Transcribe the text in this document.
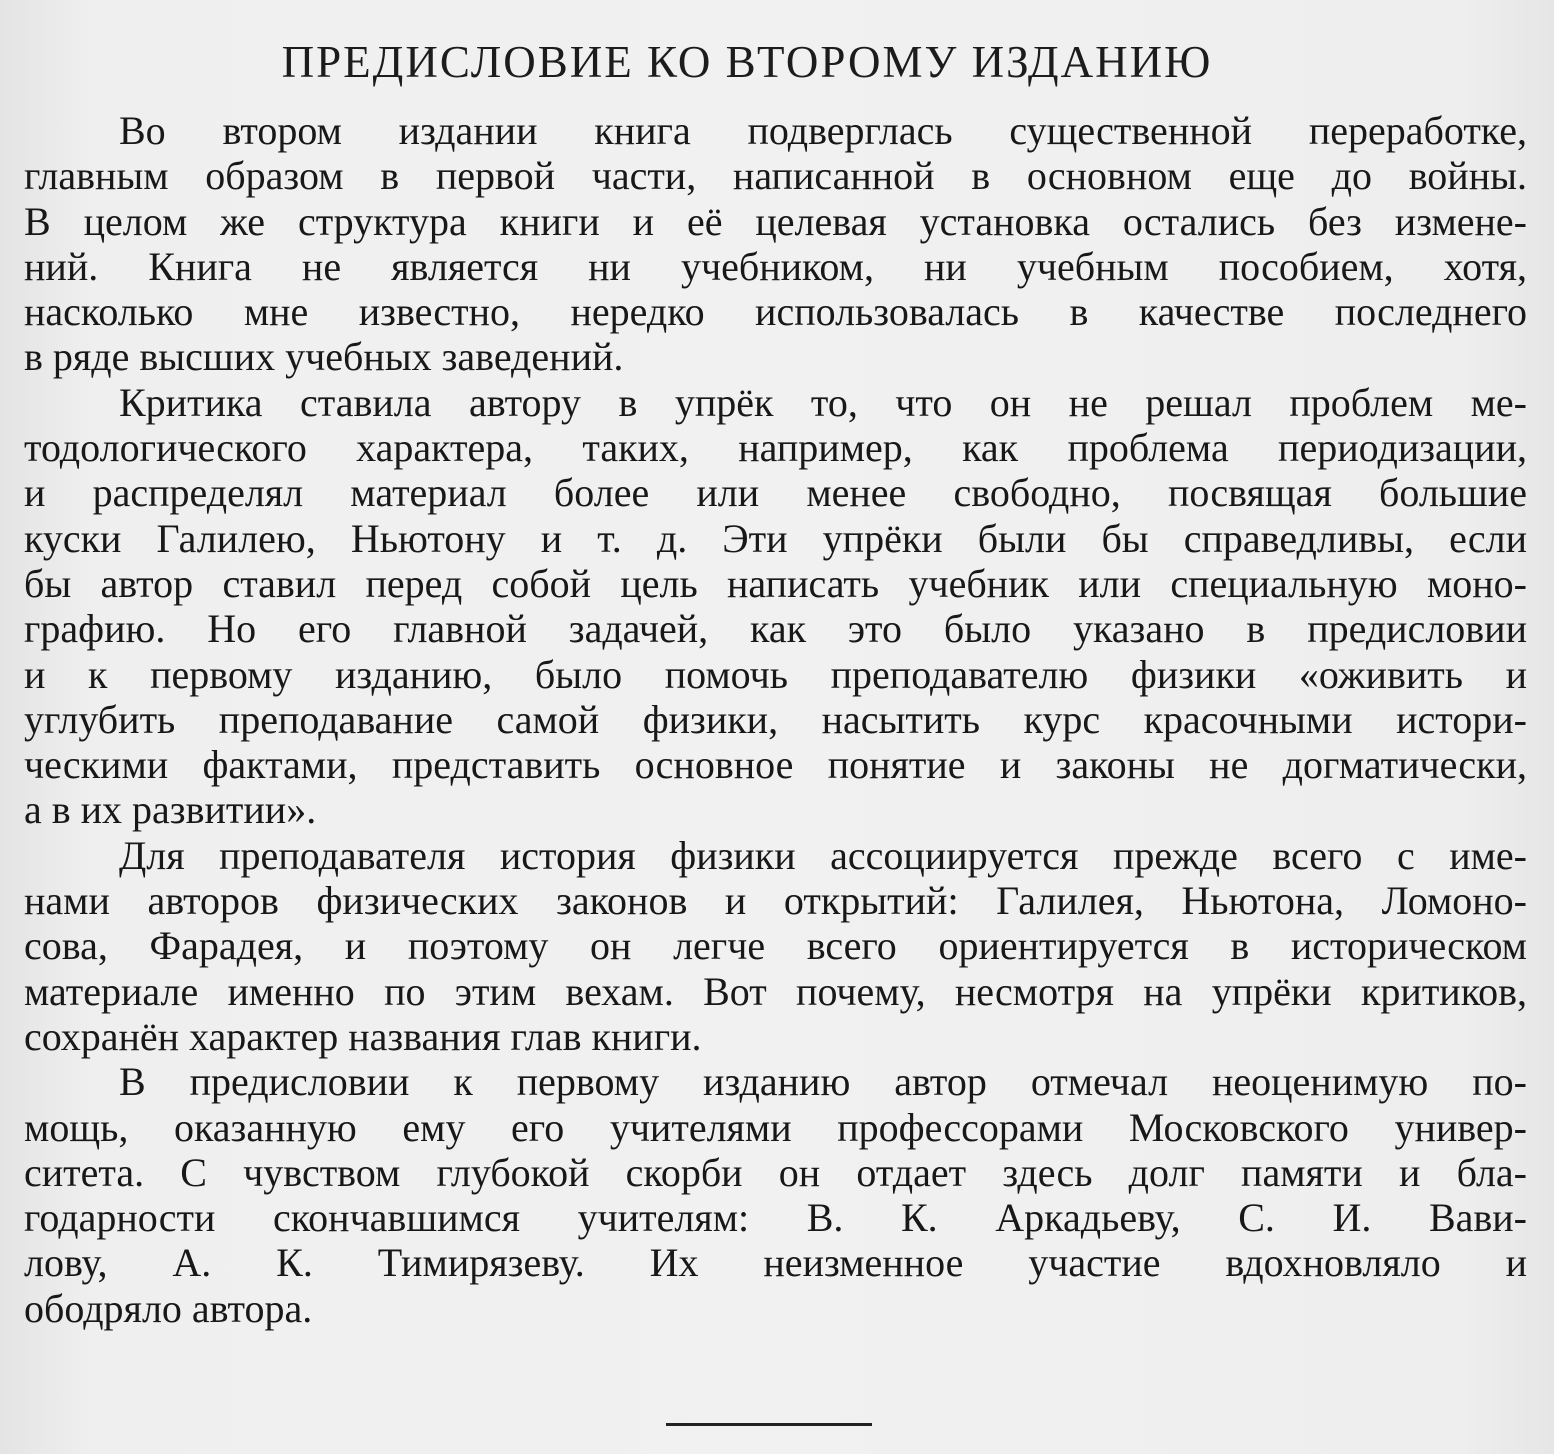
ПРЕДИСЛОВИЕ КО ВТОРОМУ ИЗДАНИЮ
Во втором издании книга подверглась существенной переработке,
главным образом в первой части, написанной в основном еще до войны.
В целом же структура книги и её целевая установка остались без измене-
ний. Книга не является ни учебником, ни учебным пособием, хотя,
насколько мне известно, нередко использовалась в качестве последнего
в ряде высших учебных заведений.
Критика ставила автору в упрёк то, что он не решал проблем ме-
тодологического характера, таких, например, как проблема периодизации,
и распределял материал более или менее свободно, посвящая большие
куски Галилею, Ньютону и т. д. Эти упрёки были бы справедливы, если
бы автор ставил перед собой цель написать учебник или специальную моно-
графию. Но его главной задачей, как это было указано в предисловии
и к первому изданию, было помочь преподавателю физики «оживить и
углубить преподавание самой физики, насытить курс красочными истори-
ческими фактами, представить основное понятие и законы не догматически,
а в их развитии».
Для преподавателя история физики ассоциируется прежде всего с име-
нами авторов физических законов и открытий: Галилея, Ньютона, Ломоно-
сова, Фарадея, и поэтому он легче всего ориентируется в историческом
материале именно по этим вехам. Вот почему, несмотря на упрёки критиков,
сохранён характер названия глав книги.
В предисловии к первому изданию автор отмечал неоценимую по-
мощь, оказанную ему его учителями профессорами Московского универ-
ситета. С чувством глубокой скорби он отдает здесь долг памяти и бла-
годарности скончавшимся учителям: В. К. Аркадьеву, С. И. Вави-
лову, А. К. Тимирязеву. Их неизменное участие вдохновляло и
ободряло автора.
